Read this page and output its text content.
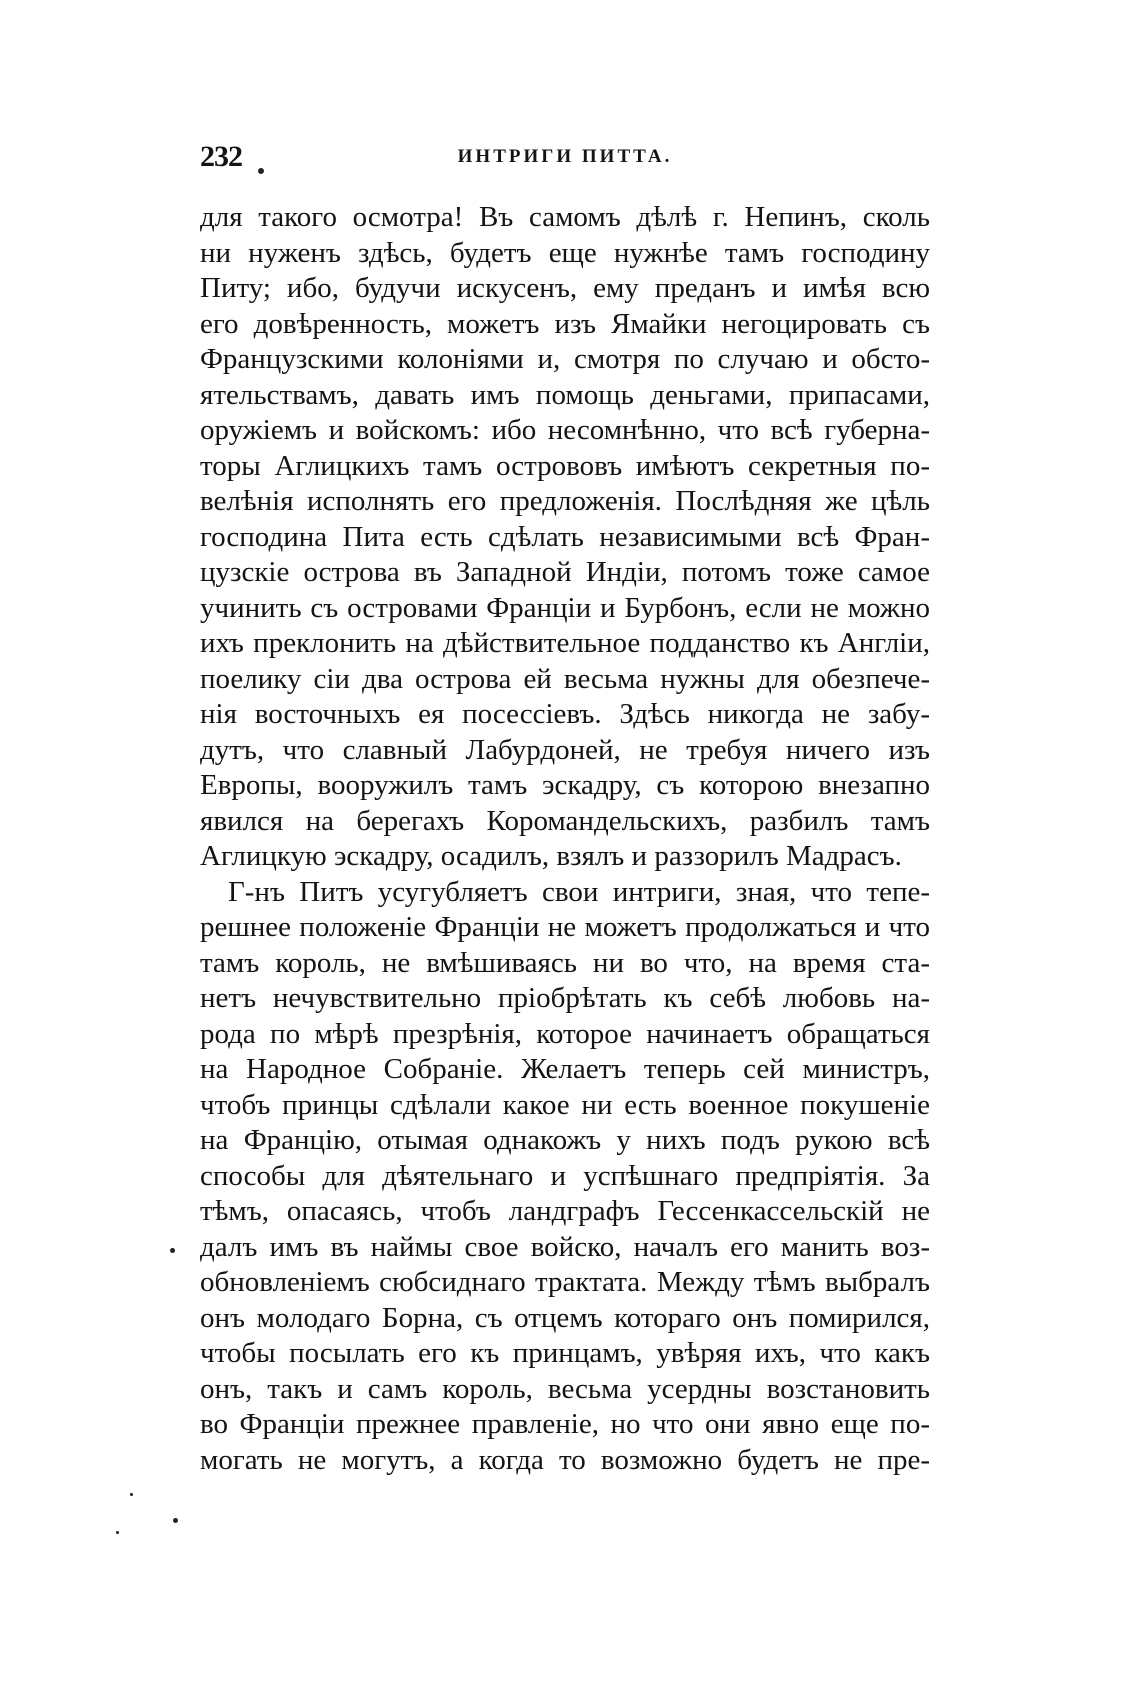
232	ИНТРИГИ ПИТТА.
для такого осмотра! Въ самомъ дѣлѣ г. Непинъ, сколь
ни нуженъ здѣсь, будетъ еще нужнѣе тамъ господину
Питу; ибо, будучи искусенъ, ему преданъ и имѣя всю
его довѣренность, можетъ изъ Ямайки негоцировать съ
Французскими колоніями и, смотря по случаю и обсто-
ятельствамъ, давать имъ помощь деньгами, припасами,
оружіемъ и войскомъ: ибо несомнѣнно, что всѣ губерна-
торы Аглицкихъ тамъ острововъ имѣютъ секретныя по-
велѣнія исполнять его предложенія. Послѣдняя же цѣль
господина Пита есть сдѣлать независимыми всѣ Фран-
цузскіе острова въ Западной Индіи, потомъ тоже самое
учинить съ островами Франціи и Бурбонъ, если не можно
ихъ преклонить на дѣйствительное подданство къ Англіи,
поелику сіи два острова ей весьма нужны для обезпече-
нія восточныхъ ея посессіевъ. Здѣсь никогда не забу-
дутъ, что славный Лабурдоней, не требуя ничего изъ
Европы, вооружилъ тамъ эскадру, съ которою внезапно
явился на берегахъ Коромандельскихъ, разбилъ тамъ
Аглицкую эскадру, осадилъ, взялъ и раззорилъ Мадрасъ.
Г-нъ Питъ усугубляетъ свои интриги, зная, что тепе-
решнее положеніе Франціи не можетъ продолжаться и что
тамъ король, не вмѣшиваясь ни во что, на время ста-
нетъ нечувствительно пріобрѣтать къ себѣ любовь на-
рода по мѣрѣ презрѣнія, которое начинаетъ обращаться
на Народное Собраніе. Желаетъ теперь сей министръ,
чтобъ принцы сдѣлали какое ни есть военное покушеніе
на Францію, отымая однакожъ у нихъ подъ рукою всѣ
способы для дѣятельнаго и успѣшнаго предпріятія. За
тѣмъ, опасаясь, чтобъ ландграфъ Гессенкассельскій не
далъ имъ въ наймы свое войско, началъ его манить воз-
обновленіемъ сюбсиднаго трактата. Между тѣмъ выбралъ
онъ молодаго Борна, съ отцемъ котораго онъ помирился,
чтобы посылать его къ принцамъ, увѣряя ихъ, что какъ
онъ, такъ и самъ король, весьма усердны возстановить
во Франціи прежнее правленіе, но что они явно еще по-
могать не могутъ, а когда то возможно будетъ не пре-
